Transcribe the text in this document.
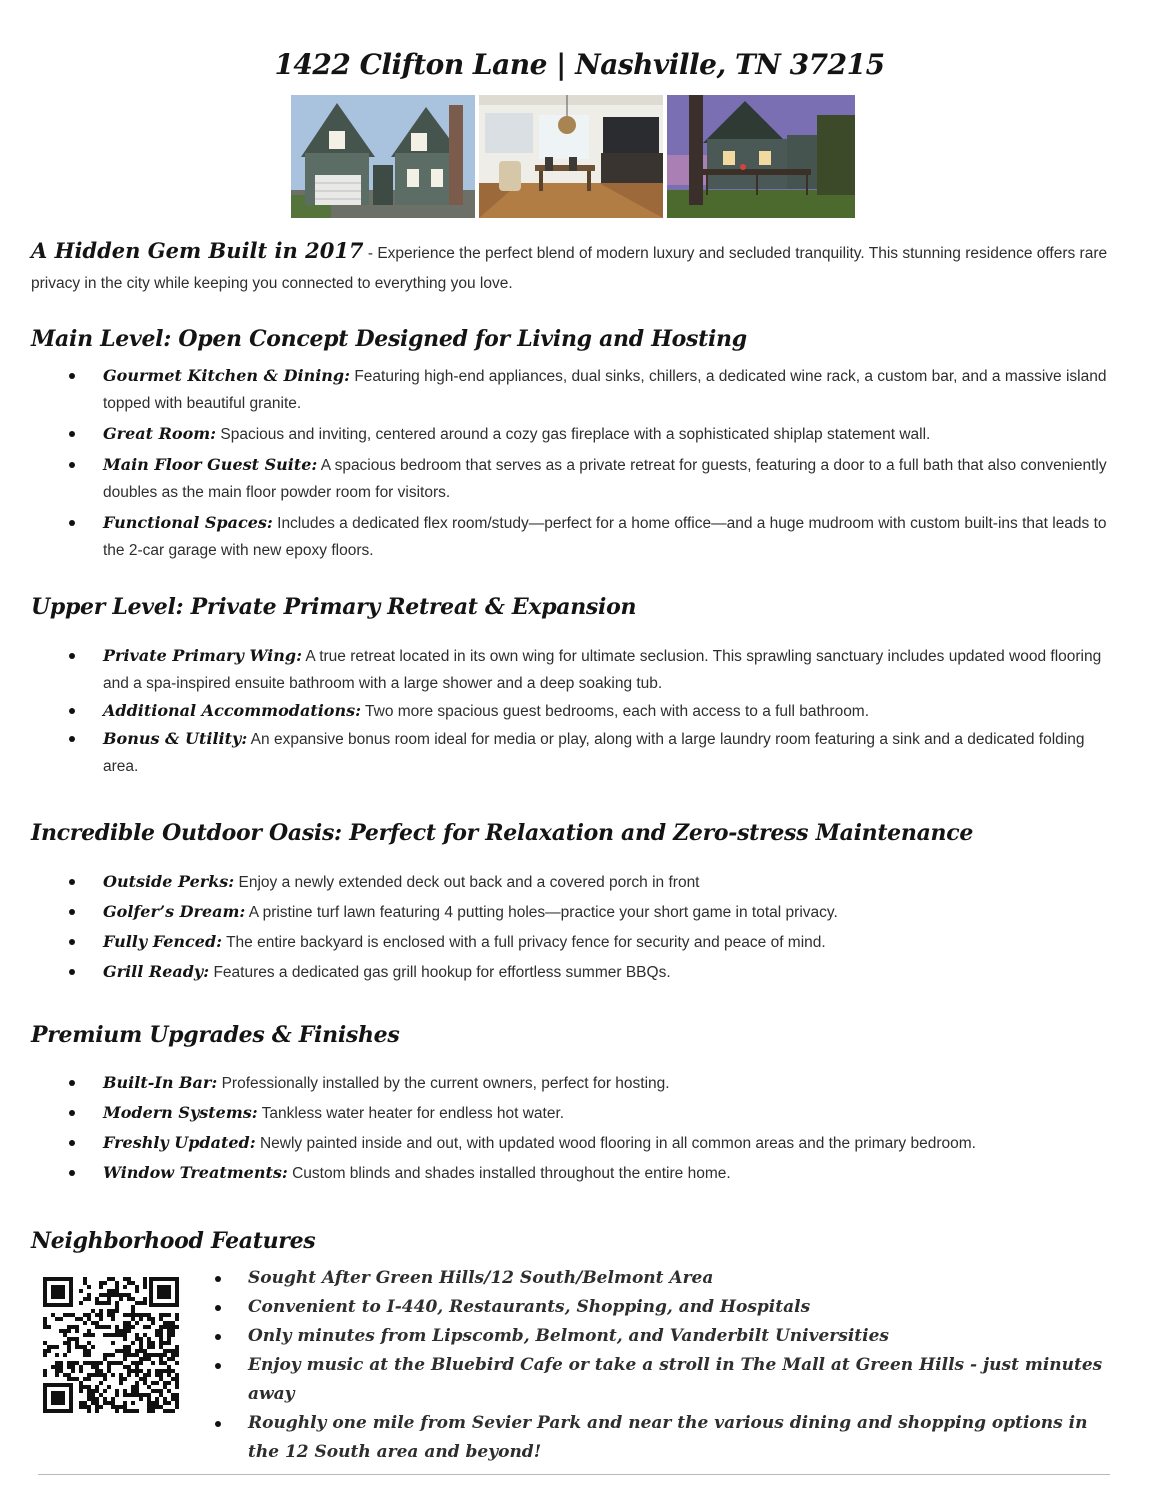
1422 Clifton Lane | Nashville, TN 37215
A Hidden Gem Built in 2017 - Experience the perfect blend of modern luxury and secluded tranquility. This stunning residence offers rare privacy in the city while keeping you connected to everything you love.
Main Level: Open Concept Designed for Living and Hosting
Gourmet Kitchen & Dining: Featuring high-end appliances, dual sinks, chillers, a dedicated wine rack, a custom bar, and a massive island topped with beautiful granite.
Great Room: Spacious and inviting, centered around a cozy gas fireplace with a sophisticated shiplap statement wall.
Main Floor Guest Suite: A spacious bedroom that serves as a private retreat for guests, featuring a door to a full bath that also conveniently doubles as the main floor powder room for visitors.
Functional Spaces: Includes a dedicated flex room/study—perfect for a home office—and a huge mudroom with custom built-ins that leads to the 2-car garage with new epoxy floors.
Upper Level: Private Primary Retreat & Expansion
Private Primary Wing: A true retreat located in its own wing for ultimate seclusion. This sprawling sanctuary includes updated wood flooring and a spa-inspired ensuite bathroom with a large shower and a deep soaking tub.
Additional Accommodations: Two more spacious guest bedrooms, each with access to a full bathroom.
Bonus & Utility: An expansive bonus room ideal for media or play, along with a large laundry room featuring a sink and a dedicated folding area.
Incredible Outdoor Oasis: Perfect for Relaxation and Zero-stress Maintenance
Outside Perks: Enjoy a newly extended deck out back and a covered porch in front
Golfer’s Dream: A pristine turf lawn featuring 4 putting holes—practice your short game in total privacy.
Fully Fenced: The entire backyard is enclosed with a full privacy fence for security and peace of mind.
Grill Ready: Features a dedicated gas grill hookup for effortless summer BBQs.
Premium Upgrades & Finishes
Built-In Bar: Professionally installed by the current owners, perfect for hosting.
Modern Systems: Tankless water heater for endless hot water.
Freshly Updated: Newly painted inside and out, with updated wood flooring in all common areas and the primary bedroom.
Window Treatments: Custom blinds and shades installed throughout the entire home.
Neighborhood Features
Sought After Green Hills/12 South/Belmont Area
Convenient to I-440, Restaurants, Shopping, and Hospitals
Only minutes from Lipscomb, Belmont, and Vanderbilt Universities
Enjoy music at the Bluebird Cafe or take a stroll in The Mall at Green Hills - just minutes away
Roughly one mile from Sevier Park and near the various dining and shopping options in the 12 South area and beyond!
